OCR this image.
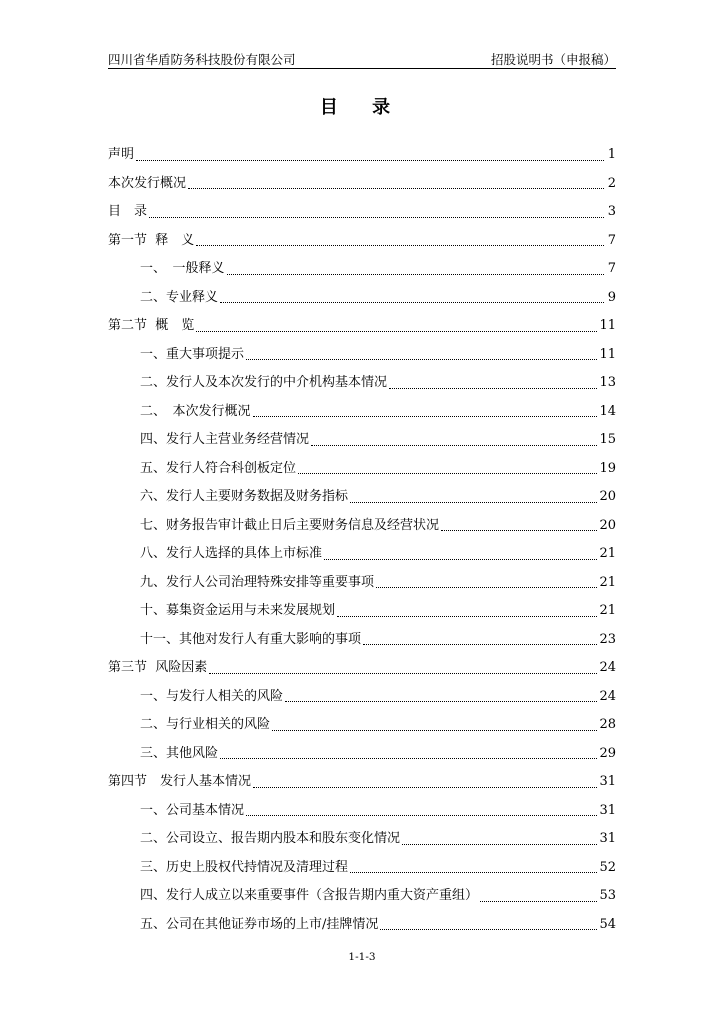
四川省华盾防务科技股份有限公司	招股说明书（申报稿）
目 录
声明	1
本次发行概况	2
目　录	3
第一节  释　义	7
一、　一般释义	7
二、专业释义	9
第二节  概　览	11
一、重大事项提示	11
二、发行人及本次发行的中介机构基本情况	13
二、　本次发行概况	14
四、发行人主营业务经营情况	15
五、发行人符合科创板定位	19
六、发行人主要财务数据及财务指标	20
七、财务报告审计截止日后主要财务信息及经营状况	20
八、发行人选择的具体上市标准	21
九、发行人公司治理特殊安排等重要事项	21
十、募集资金运用与未来发展规划	21
十一、其他对发行人有重大影响的事项	23
第三节  风险因素	24
一、与发行人相关的风险	24
二、与行业相关的风险	28
三、其他风险	29
第四节　发行人基本情况	31
一、公司基本情况	31
二、公司设立、报告期内股本和股东变化情况	31
三、历史上股权代持情况及清理过程	52
四、发行人成立以来重要事件（含报告期内重大资产重组）	53
五、公司在其他证券市场的上市/挂牌情况	54
1-1-3
